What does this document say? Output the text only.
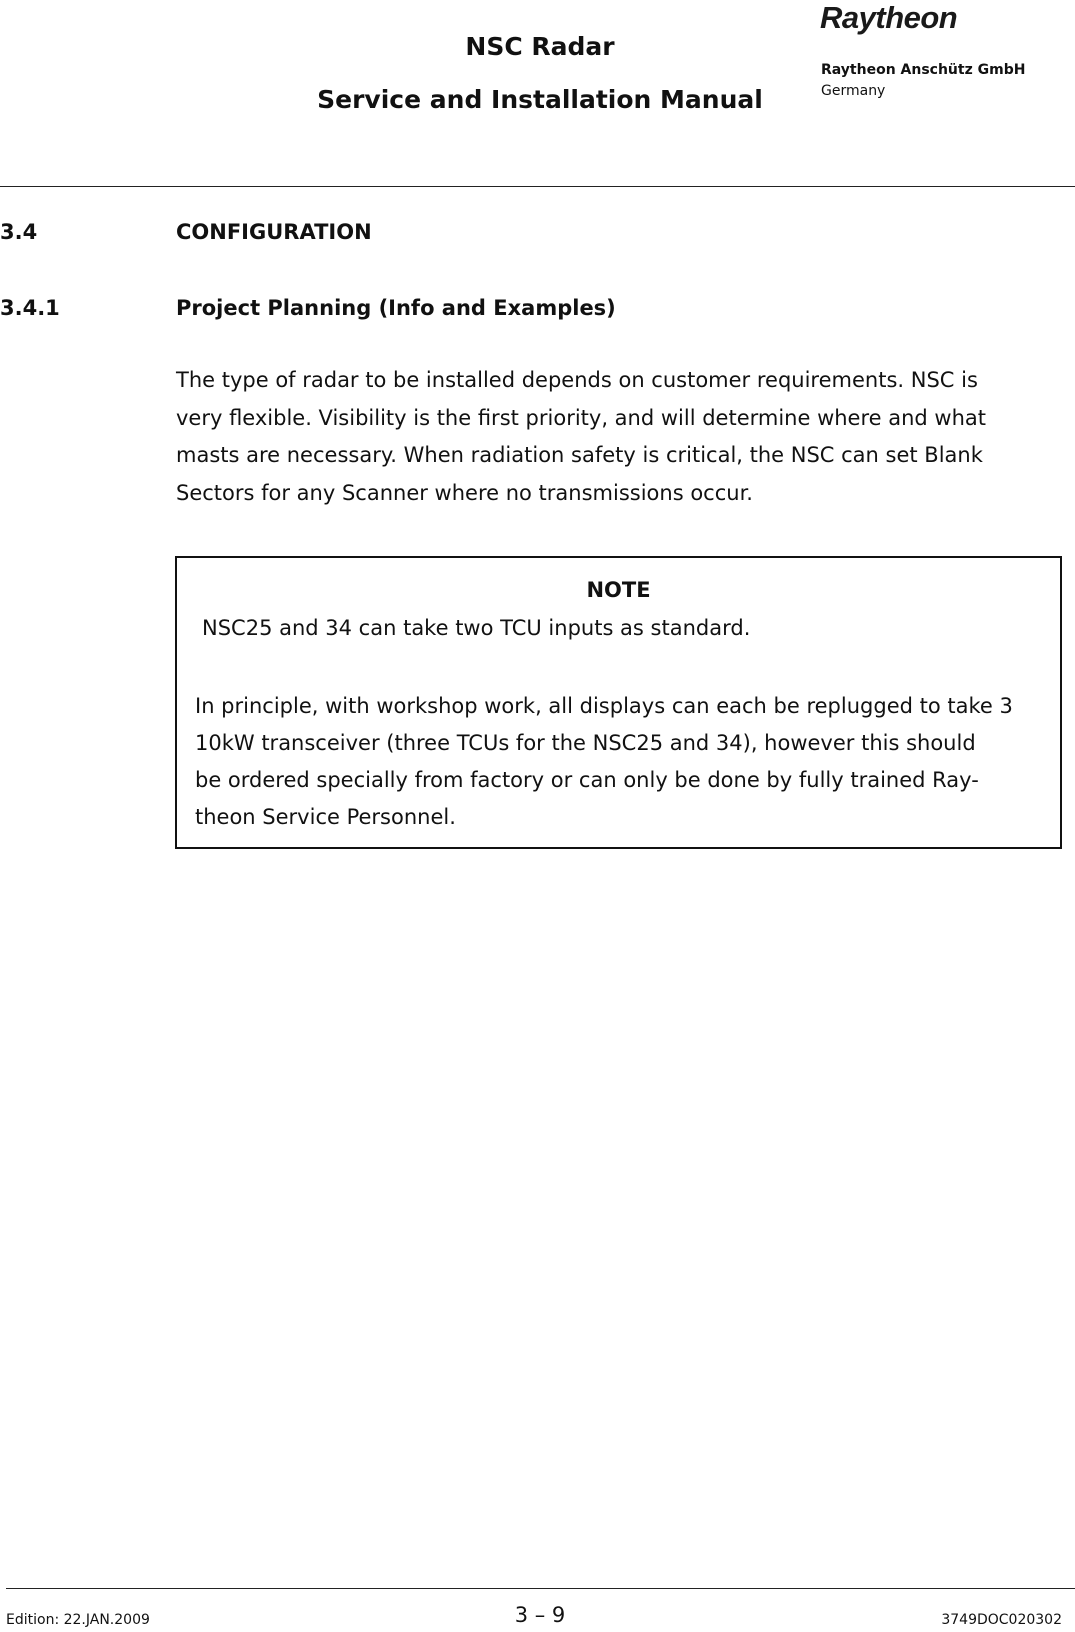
NSC Radar
Service and Installation Manual
Raytheon
Raytheon Anschütz GmbH
Germany
3.4	CONFIGURATION
3.4.1	Project Planning (Info and Examples)

The type of radar to be installed depends on customer requirements. NSC is
very flexible. Visibility is the first priority, and will determine where and what
masts are necessary. When radiation safety is critical, the NSC can set Blank
Sectors for any Scanner where no transmissions occur.

NOTE
NSC25 and 34 can take two TCU inputs as standard.

In principle, with workshop work, all displays can each be replugged to take 3
10kW transceiver (three TCUs for the NSC25 and 34), however this should
be ordered specially from factory or can only be done by fully trained Ray-
theon Service Personnel.

Edition: 22.JAN.2009	3 – 9	3749DOC020302
